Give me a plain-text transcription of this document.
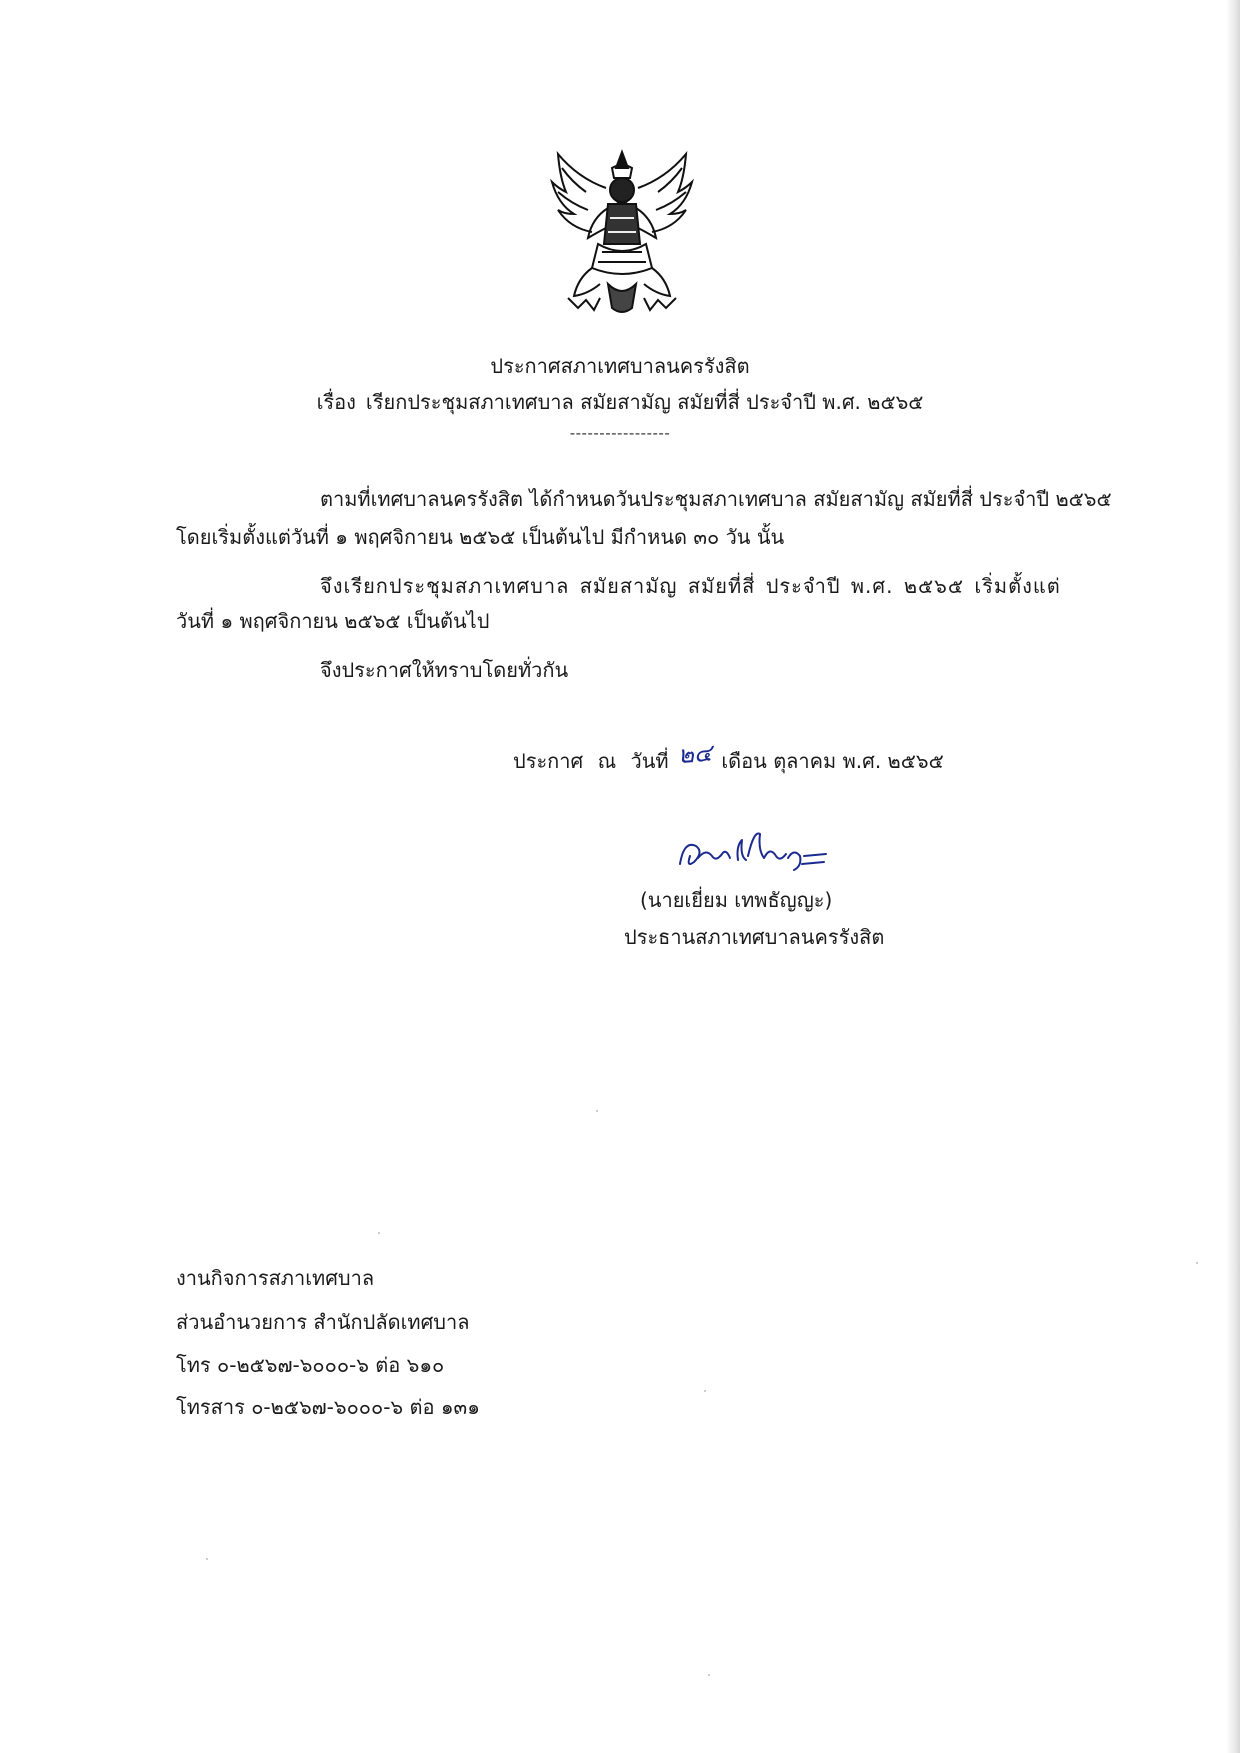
ประกาศสภาเทศบาลนครรังสิต
เรื่อง เรียกประชุมสภาเทศบาล สมัยสามัญ สมัยที่สี่ ประจำปี พ.ศ. ๒๕๖๕
-----------------
ตามที่เทศบาลนครรังสิต ได้กำหนดวันประชุมสภาเทศบาล สมัยสามัญ สมัยที่สี่ ประจำปี ๒๕๖๕
โดยเริ่มตั้งแต่วันที่ ๑ พฤศจิกายน ๒๕๖๕ เป็นต้นไป มีกำหนด ๓๐ วัน นั้น
จึงเรียกประชุมสภาเทศบาล สมัยสามัญ สมัยที่สี่ ประจำปี พ.ศ. ๒๕๖๕ เริ่มตั้งแต่
วันที่ ๑ พฤศจิกายน ๒๕๖๕ เป็นต้นไป
จึงประกาศให้ทราบโดยทั่วกัน
ประกาศ ณ วันที่ ๒๔ เดือน ตุลาคม พ.ศ. ๒๕๖๕
(นายเยี่ยม เทพธัญญะ)
ประธานสภาเทศบาลนครรังสิต
งานกิจการสภาเทศบาล
ส่วนอำนวยการ สำนักปลัดเทศบาล
โทร ๐-๒๕๖๗-๖๐๐๐-๖ ต่อ ๖๑๐
โทรสาร ๐-๒๕๖๗-๖๐๐๐-๖ ต่อ ๑๓๑
